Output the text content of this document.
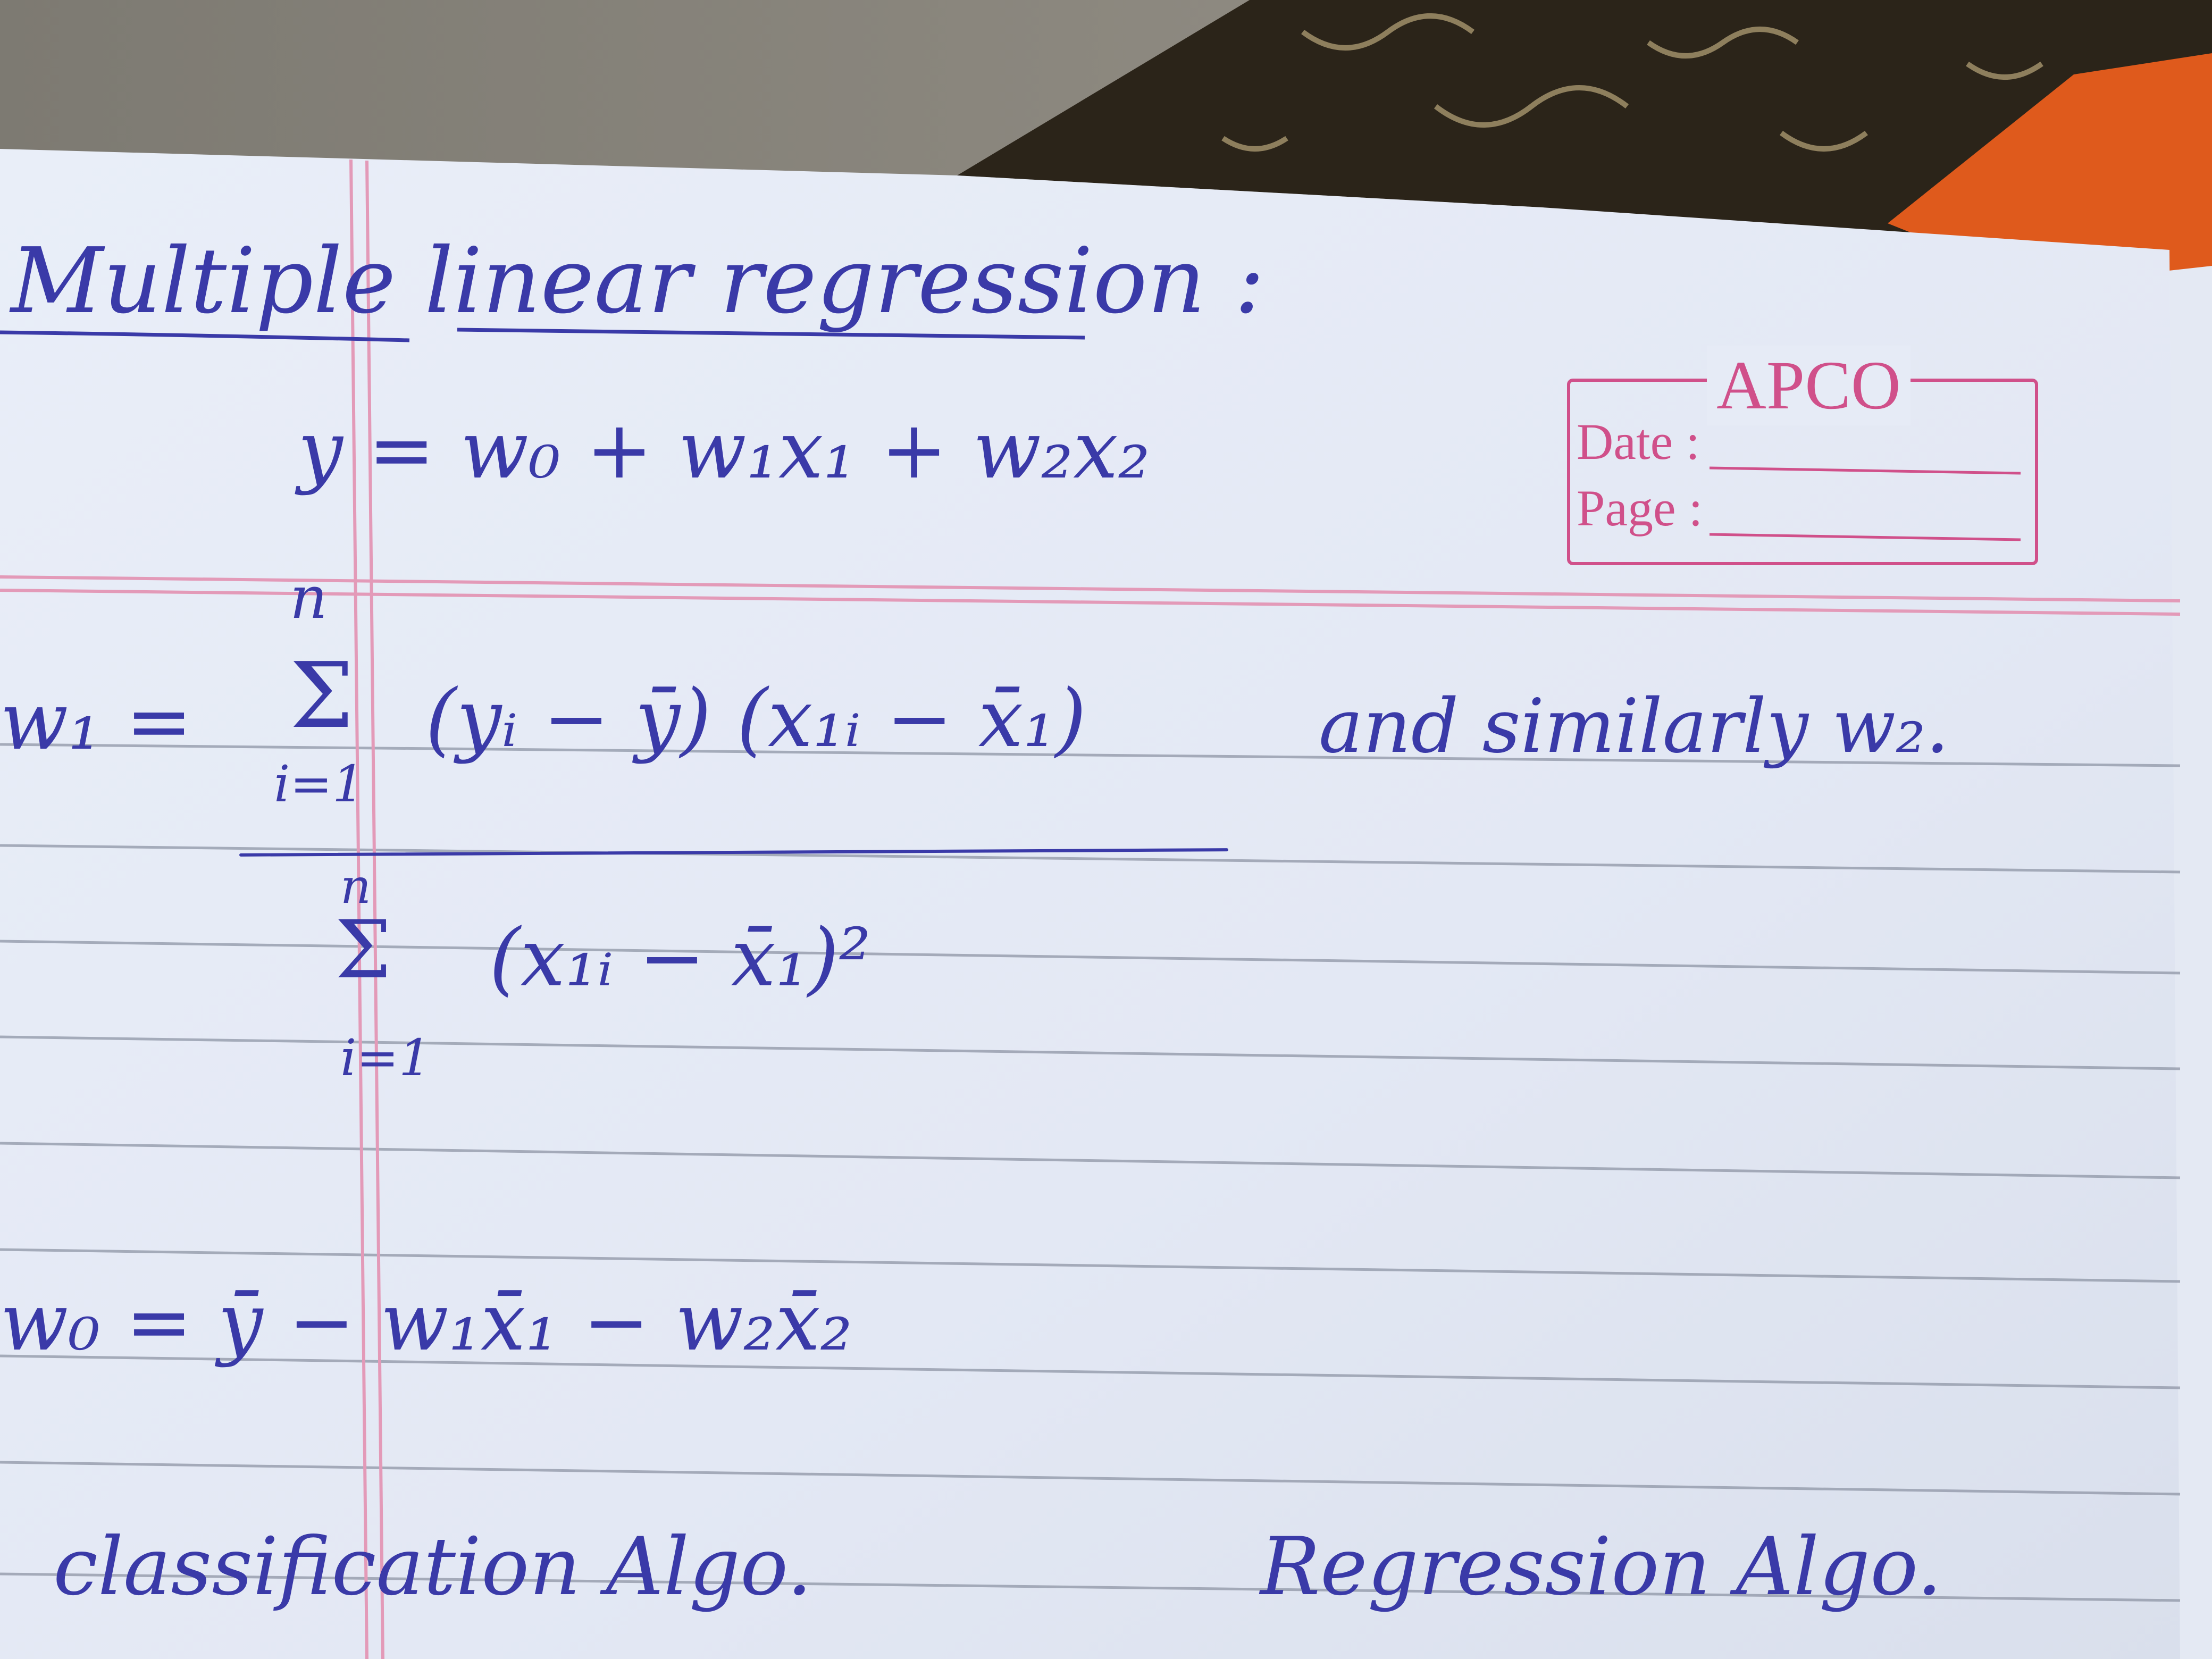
APCO
Date :
Page :
Multiple linear regression :
y = w₀ + w₁x₁ + w₂x₂
w₁ =
n
Σ
i=1
(yᵢ − ȳ) (x₁ᵢ − x̄₁)
n
Σ
i=1
(x₁ᵢ − x̄₁)²
and similarly w₂.
w₀ = ȳ − w₁x̄₁ − w₂x̄₂
classification Algo.	Regression Algo.
